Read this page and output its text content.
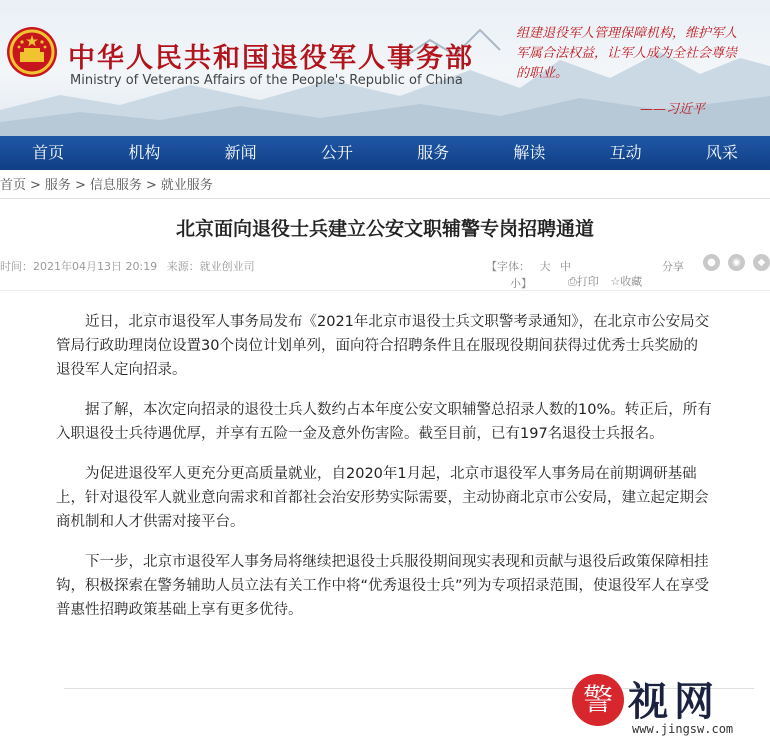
中华人民共和国退役军人事务部
Ministry of Veterans Affairs of the People's Republic of China
组建退役军人管理保障机构，维护军人军属合法权益，让军人成为全社会尊崇的职业。
——习近平
首页	机构	新闻	公开	服务	解读	互动	风采
首页 > 服务 > 信息服务 > 就业服务
北京面向退役士兵建立公安文职辅警专岗招聘通道
时间：2021年04月13日 20:19 来源：就业创业司	【字体： 大 中
小】	⎙打印 ☆收藏
分享	●	◉	◆

近日，北京市退役军人事务局发布《2021年北京市退役士兵文职警考录通知》，在北京市公安局交管局行政助理岗位设置30个岗位计划单列，面向符合招聘条件且在服现役期间获得过优秀士兵奖励的退役军人定向招录。

据了解，本次定向招录的退役士兵人数约占本年度公安文职辅警总招录人数的10%。转正后，所有入职退役士兵待遇优厚，并享有五险一金及意外伤害险。截至目前，已有197名退役士兵报名。

为促进退役军人更充分更高质量就业，自2020年1月起，北京市退役军人事务局在前期调研基础上，针对退役军人就业意向需求和首都社会治安形势实际需要，主动协商北京市公安局，建立起定期会商机制和人才供需对接平台。

下一步，北京市退役军人事务局将继续把退役士兵服役期间现实表现和贡献与退役后政策保障相挂钩，积极探索在警务辅助人员立法有关工作中将“优秀退役士兵”列为专项招录范围，使退役军人在享受普惠性招聘政策基础上享有更多优待。

警 视网
www.jingsw.com
